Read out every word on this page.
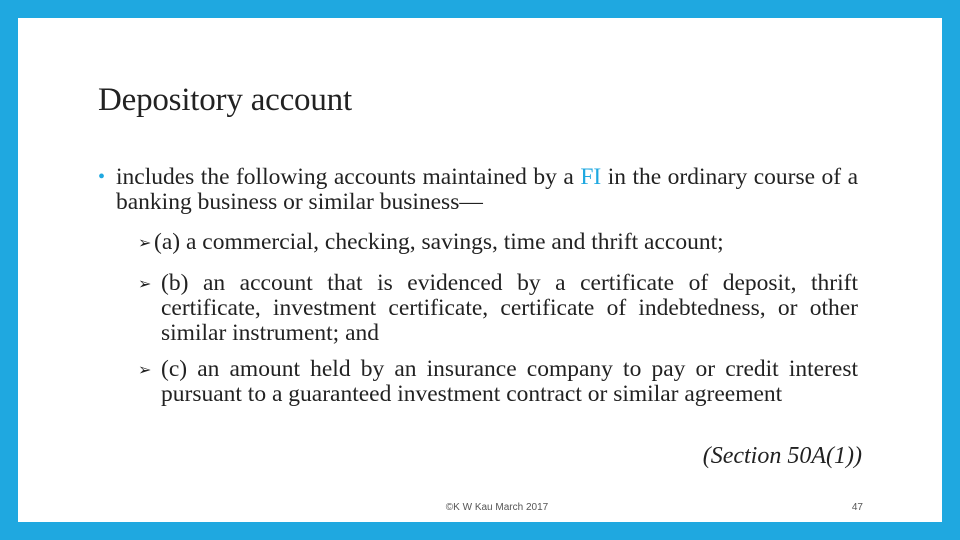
Depository account
• includes the following accounts maintained by a FI in the ordinary course of a banking business or similar business—

➢ (a) a commercial, checking, savings, time and thrift account;
➢ (b) an account that is evidenced by a certificate of deposit, thrift certificate, investment certificate, certificate of indebtedness, or other similar instrument; and
➢ (c) an amount held by an insurance company to pay or credit interest pursuant to a guaranteed investment contract or similar agreement
(Section 50A(1))
©K W Kau March 2017	47
